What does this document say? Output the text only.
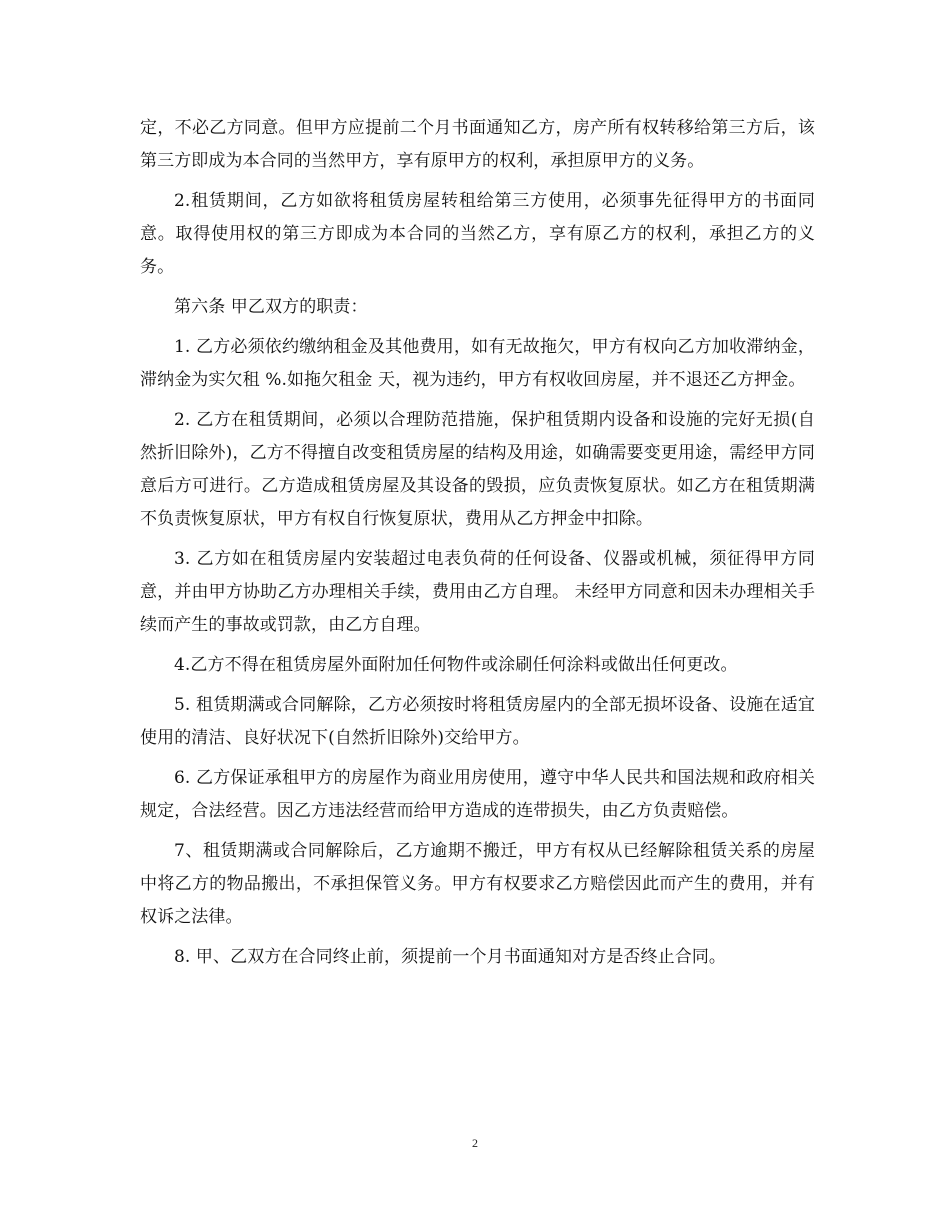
定，不必乙方同意。但甲方应提前二个月书面通知乙方，房产所有权转移给第三方后，该第三方即成为本合同的当然甲方，享有原甲方的权利，承担原甲方的义务。

2.租赁期间，乙方如欲将租赁房屋转租给第三方使用，必须事先征得甲方的书面同意。取得使用权的第三方即成为本合同的当然乙方，享有原乙方的权利，承担乙方的义务。

第六条 甲乙双方的职责：

1. 乙方必须依约缴纳租金及其他费用，如有无故拖欠，甲方有权向乙方加收滞纳金，滞纳金为实欠租 %.如拖欠租金 天，视为违约，甲方有权收回房屋，并不退还乙方押金。

2. 乙方在租赁期间，必须以合理防范措施，保护租赁期内设备和设施的完好无损(自然折旧除外)，乙方不得擅自改变租赁房屋的结构及用途，如确需要变更用途，需经甲方同意后方可进行。乙方造成租赁房屋及其设备的毁损，应负责恢复原状。如乙方在租赁期满不负责恢复原状，甲方有权自行恢复原状，费用从乙方押金中扣除。

3. 乙方如在租赁房屋内安装超过电表负荷的任何设备、仪器或机械，须征得甲方同意，并由甲方协助乙方办理相关手续，费用由乙方自理。 未经甲方同意和因未办理相关手续而产生的事故或罚款，由乙方自理。

4.乙方不得在租赁房屋外面附加任何物件或涂刷任何涂料或做出任何更改。

5. 租赁期满或合同解除，乙方必须按时将租赁房屋内的全部无损坏设备、设施在适宜使用的清洁、良好状况下(自然折旧除外)交给甲方。

6. 乙方保证承租甲方的房屋作为商业用房使用，遵守中华人民共和国法规和政府相关规定，合法经营。因乙方违法经营而给甲方造成的连带损失，由乙方负责赔偿。

7、租赁期满或合同解除后，乙方逾期不搬迁，甲方有权从已经解除租赁关系的房屋中将乙方的物品搬出，不承担保管义务。甲方有权要求乙方赔偿因此而产生的费用，并有权诉之法律。

8. 甲、乙双方在合同终止前，须提前一个月书面通知对方是否终止合同。

2
